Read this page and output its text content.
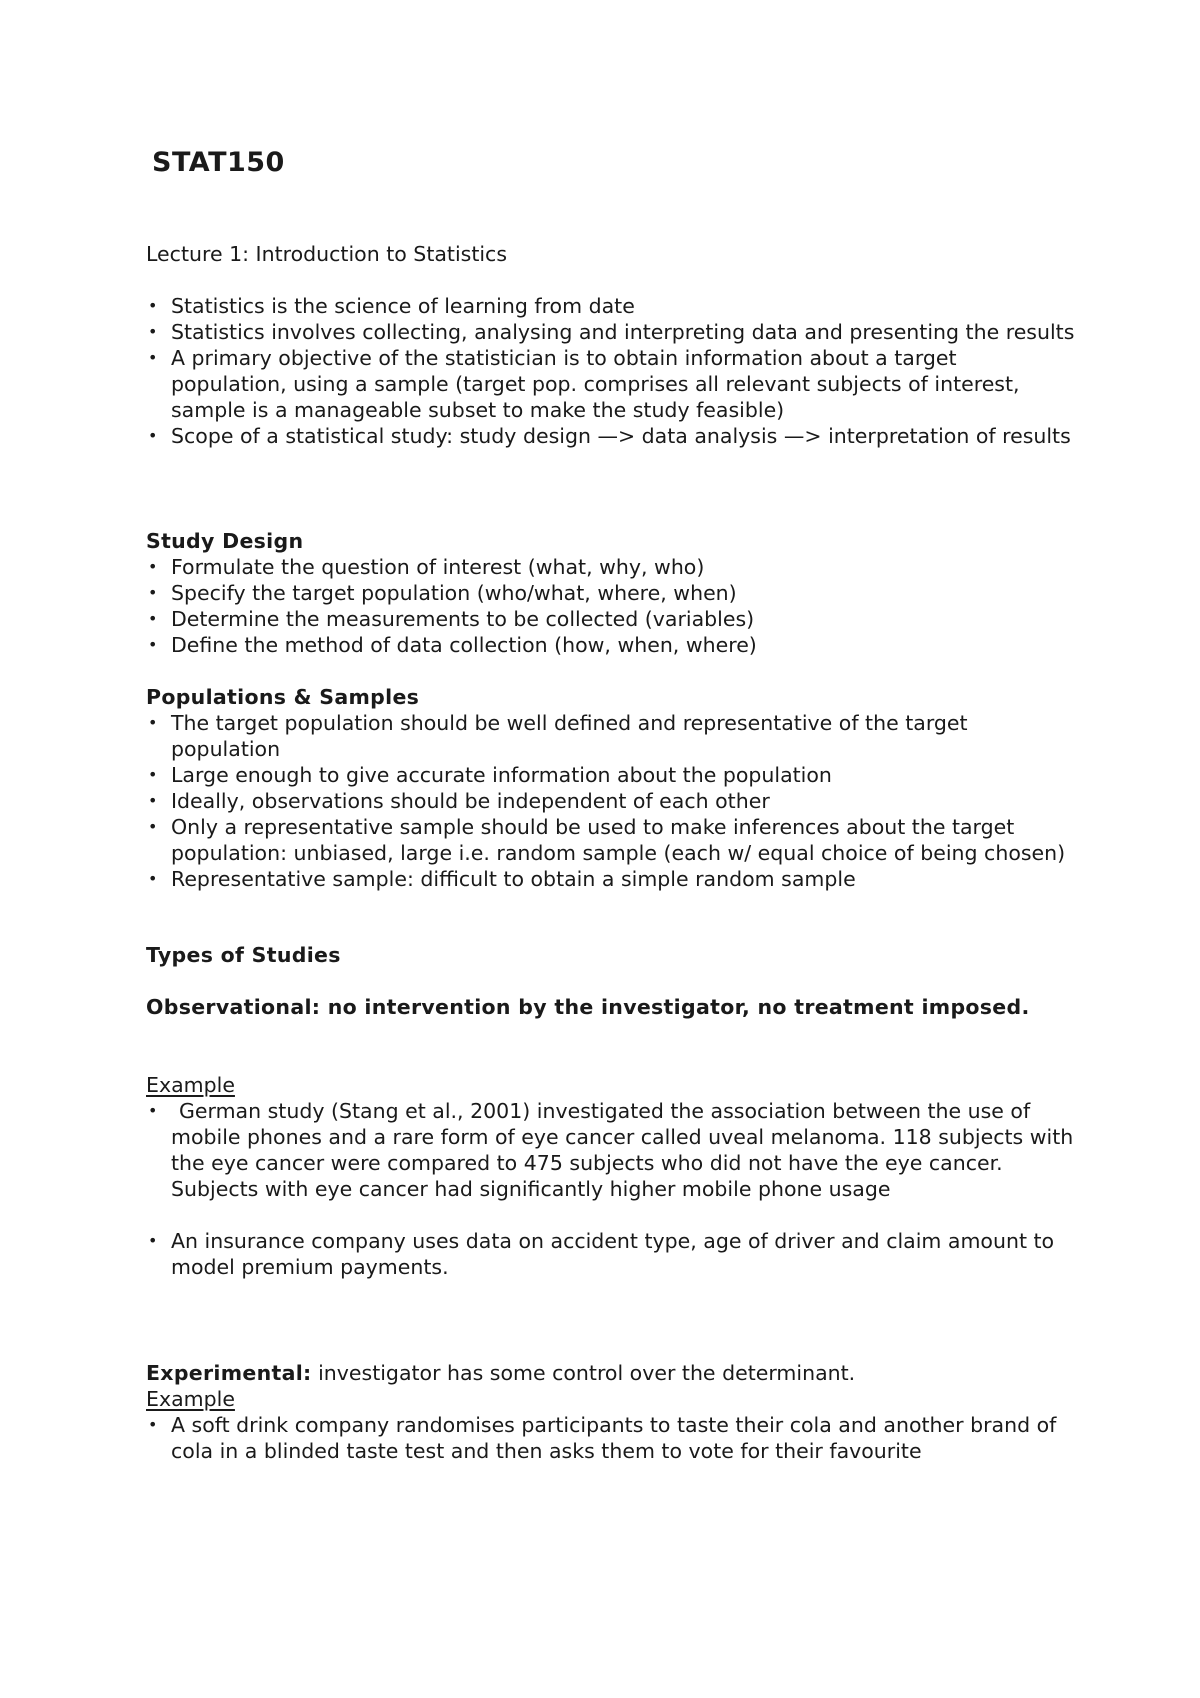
STAT150
Lecture 1: Introduction to Statistics
• Statistics is the science of learning from date
• Statistics involves collecting, analysing and interpreting data and presenting the results
• A primary objective of the statistician is to obtain information about a target population, using a sample (target pop. comprises all relevant subjects of interest, sample is a manageable subset to make the study feasible)
• Scope of a statistical study: study design —> data analysis —> interpretation of results
Study Design
• Formulate the question of interest (what, why, who)
• Specify the target population (who/what, where, when)
• Determine the measurements to be collected (variables)
• Define the method of data collection (how, when, where)
Populations & Samples
• The target population should be well defined and representative of the target population
• Large enough to give accurate information about the population
• Ideally, observations should be independent of each other
• Only a representative sample should be used to make inferences about the target population: unbiased, large i.e. random sample (each w/ equal choice of being chosen)
• Representative sample: difficult to obtain a simple random sample
Types of Studies
Observational: no intervention by the investigator, no treatment imposed.
Example
• German study (Stang et al., 2001) investigated the association between the use of mobile phones and a rare form of eye cancer called uveal melanoma. 118 subjects with the eye cancer were compared to 475 subjects who did not have the eye cancer. Subjects with eye cancer had significantly higher mobile phone usage
• An insurance company uses data on accident type, age of driver and claim amount to model premium payments.
Experimental: investigator has some control over the determinant.
Example
• A soft drink company randomises participants to taste their cola and another brand of cola in a blinded taste test and then asks them to vote for their favourite
